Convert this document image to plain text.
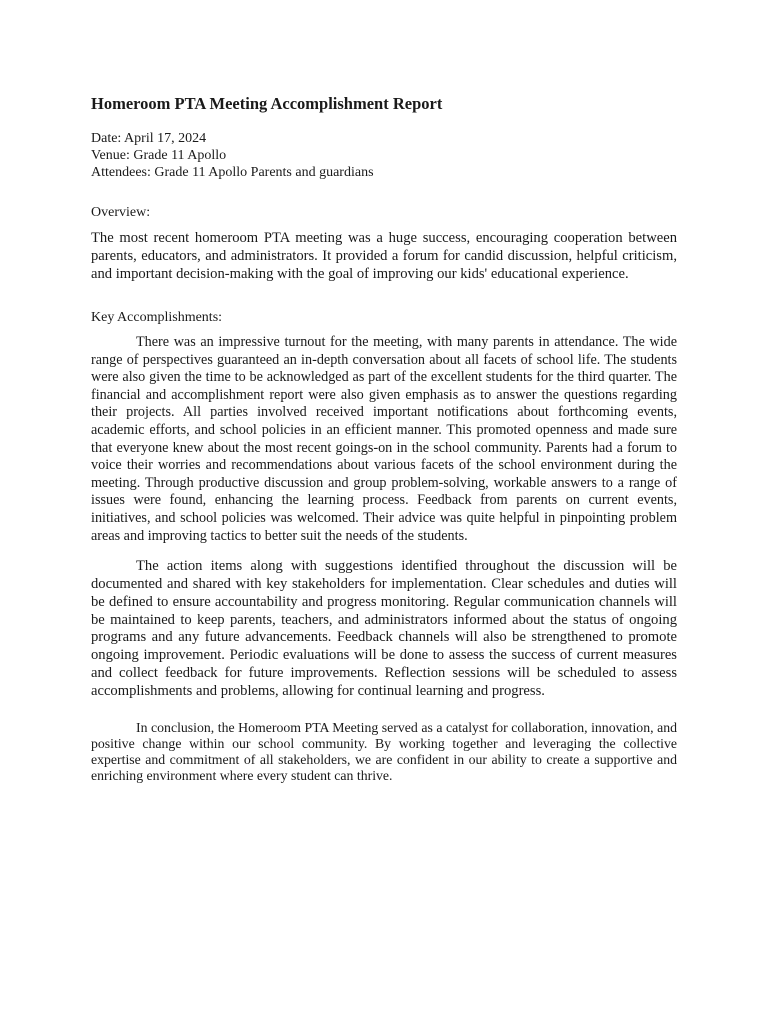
Homeroom PTA Meeting Accomplishment Report

Date: April 17, 2024

Venue: Grade 11 Apollo

Attendees: Grade 11 Apollo Parents and guardians

Overview:

The most recent homeroom PTA meeting was a huge success, encouraging cooperation between parents, educators, and administrators. It provided a forum for candid discussion, helpful criticism, and important decision-making with the goal of improving our kids' educational experience.

Key Accomplishments:

There was an impressive turnout for the meeting, with many parents in attendance. The wide range of perspectives guaranteed an in-depth conversation about all facets of school life. The students were also given the time to be acknowledged as part of the excellent students for the third quarter. The financial and accomplishment report were also given emphasis as to answer the questions regarding their projects. All parties involved received important notifications about forthcoming events, academic efforts, and school policies in an efficient manner. This promoted openness and made sure that everyone knew about the most recent goings-on in the school community. Parents had a forum to voice their worries and recommendations about various facets of the school environment during the meeting. Through productive discussion and group problem-solving, workable answers to a range of issues were found, enhancing the learning process. Feedback from parents on current events, initiatives, and school policies was welcomed. Their advice was quite helpful in pinpointing problem areas and improving tactics to better suit the needs of the students.

The action items along with suggestions identified throughout the discussion will be documented and shared with key stakeholders for implementation. Clear schedules and duties will be defined to ensure accountability and progress monitoring. Regular communication channels will be maintained to keep parents, teachers, and administrators informed about the status of ongoing programs and any future advancements. Feedback channels will also be strengthened to promote ongoing improvement. Periodic evaluations will be done to assess the success of current measures and collect feedback for future improvements. Reflection sessions will be scheduled to assess accomplishments and problems, allowing for continual learning and progress.

In conclusion, the Homeroom PTA Meeting served as a catalyst for collaboration, innovation, and positive change within our school community. By working together and leveraging the collective expertise and commitment of all stakeholders, we are confident in our ability to create a supportive and enriching environment where every student can thrive.
